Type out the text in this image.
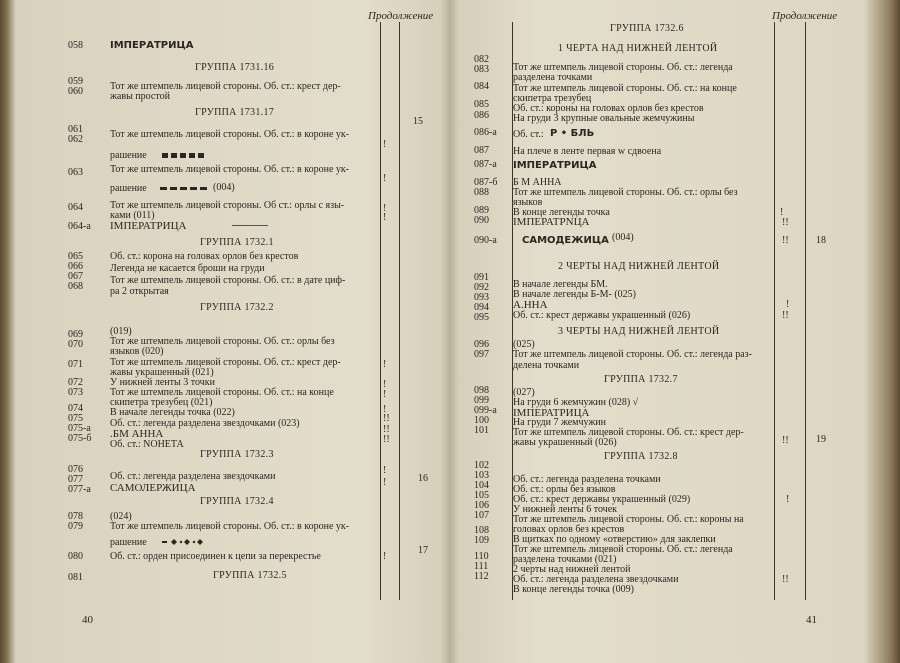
Продолжение
40
15
16
17
058
059
060
061
062
063
064
064-а
065
066
067
068
069
070
071
072
073
074
075
075-а
075-б
076
077
077-а
078
079
080
081
ГРУППА 1731.16
ГРУППА 1731.17
ГРУППА 1732.1
ГРУППА 1732.2
ГРУППА 1732.3
ГРУППА 1732.4
ГРУППА 1732.5
IMПЕРАТРИЦА
Тот же штемпель лицевой стороны. Об. ст.: крест дер-
жавы простой
Тот же штемпель лицевой стороны. Об. ст.: в короне ук-
рашение
Тот же штемпель лицевой стороны. Об. ст.: в короне ук-
рашение	(004)
Тот же штемпель лицевой стороны. Об ст.: орлы с язы-
ками (011)
IMПЕРАТРИЦА
Об. ст.: корона на головах орлов без крестов
Легенда не касается броши на груди
Тот же штемпель лицевой стороны. Об. ст.: в дате циф-
ра 2 открытая
(019)
Тот же штемпель лицевой стороны. Об. ст.: орлы без
языков (020)
Тот же штемпель лицевой стороны. Об. ст.: крест дер-
жавы украшенный (021)
У нижней ленты 3 точки
Тот же штемпель лицевой стороны. Об. ст.: на конце
скипетра трезубец (021)
В начале легенды точка (022)
Об. ст.: легенда разделена звездочками (023)
.БМ АННА
Об. ст.: NОНЕТА
Об. ст.: легенда разделена звездочками
САМОЛЕРЖИЦА
(024)
Тот же штемпель лицевой стороны. Об. ст.: в короне ук-
рашение
Об. ст.: орден присоединен к цепи за перекрестье
!
!
!
!
!
!
!
!
!!
!!
!!
!
!
!
Продолжение
41
18
19
082
083
084
085
086
086-а
087
087-а
087-б
088
089
090
090-а
091
092
093
094
095
096
097
098
099
099-а
100
101
102
103
104
105
106
107
108
109
110
111
112
ГРУППА 1732.6
1 ЧЕРТА НАД НИЖНЕЙ ЛЕНТОЙ
2 ЧЕРТЫ НАД НИЖНЕЙ ЛЕНТОЙ
3 ЧЕРТЫ НАД НИЖНЕЙ ЛЕНТОЙ
ГРУППА 1732.7
ГРУППА 1732.8
Тот же штемпель лицевой стороны. Об. ст.: легенда
разделена точками
Тот же штемпель лицевой стороны. Об. ст.: на конце
скипетра трезубец
Об. ст.: короны на головах орлов без крестов
На груди 3 крупные овальные жемчужины
Об. ст.: Р • БЛЬ
На плече в ленте первая w сдвоена
IMПЕРАТРИЦА
Б М АННА
Тот же штемпель лицевой стороны. Об. ст.: орлы без
языков
В конце легенды точка
IMПЕРАТРNЦА
САМОДЕЖИЦА (004)
В начале легенды БМ.
В начале легенды Б-М- (025)
А.ННА
Об. ст.: крест державы украшенный (026)
(025)
Тот же штемпель лицевой стороны. Об. ст.: легенда раз-
делена точками
(027)
На груди 6 жемчужин (028) √
IMПЕРАТРИЦА
На груди 7 жемчужин
Тот же штемпель лицевой стороны. Об. ст.: крест дер-
жавы украшенный (026)
Об. ст.: легенда разделена точками
Об. ст.: орлы без языков
Об. ст.: крест державы украшенный (029)
У нижней ленты 6 точек
Тот же штемпель лицевой стороны. Об. ст.: короны на
головах орлов без крестов
В щитках по одному «отверстию» для заклепки
Тот же штемпель лицевой стороны. Об. ст.: легенда
разделена точками (021)
2 черты над нижней лентой
Об. ст.: легенда разделена звездочками
В конце легенды точка (009)
!
!!
!!
!
!!
!!
!
!!
